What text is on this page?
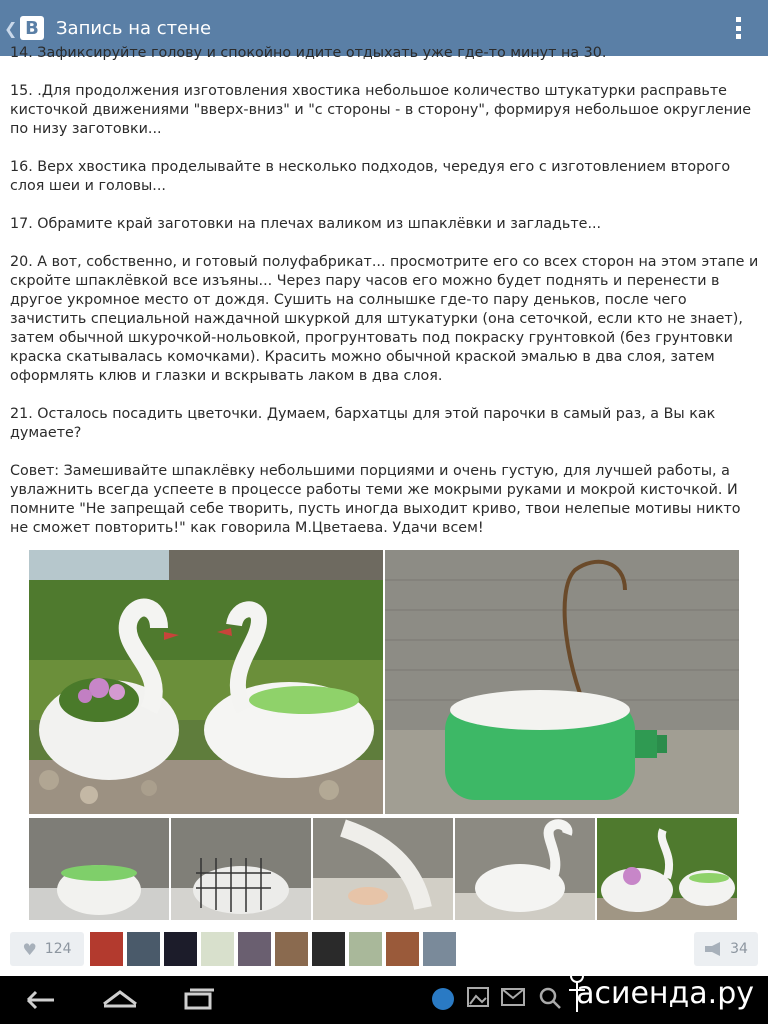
❮ В Запись на стене

14. Зафиксируйте голову и спокойно идите отдыхать уже где-то минут на 30.

15. .Для продолжения изготовления хвостика небольшое количество штукатурки расправьте кисточкой движениями "вверх-вниз" и "с стороны - в сторону", формируя небольшое округление по низу заготовки...

16. Верх хвостика проделывайте в несколько подходов, чередуя его с изготовлением второго слоя шеи и головы...

17. Обрамите край заготовки на плечах валиком из шпаклёвки и загладьте...

20. А вот, собственно, и готовый полуфабрикат... просмотрите его со всех сторон на этом этапе и скройте шпаклёвкой все изъяны... Через пару часов его можно будет поднять и перенести в другое укромное место от дождя. Сушить на солнышке где-то пару деньков, после чего зачистить специальной наждачной шкуркой для штукатурки (она сеточкой, если кто не знает), затем обычной шкурочкой-нольовкой, прогрунтовать под покраску грунтовкой (без грунтовки краска скатывалась комочками). Красить можно обычной краской эмалью в два слоя, затем оформлять клюв и глазки и вскрывать лаком в два слоя.

21. Осталось посадить цветочки. Думаем, бархатцы для этой парочки в самый раз, а Вы как думаете?

Совет: Замешивайте шпаклёвку небольшими порциями и очень густую, для лучшей работы, а увлажнить всегда успеете в процессе работы теми же мокрыми руками и мокрой кисточкой. И помните "Не запрещай себе творить, пусть иногда выходит криво, твои нелепые мотивы никто не сможет повторить!" как говорила М.Цветаева. Удачи всем!

♥ 124	34
асиенда.ру
